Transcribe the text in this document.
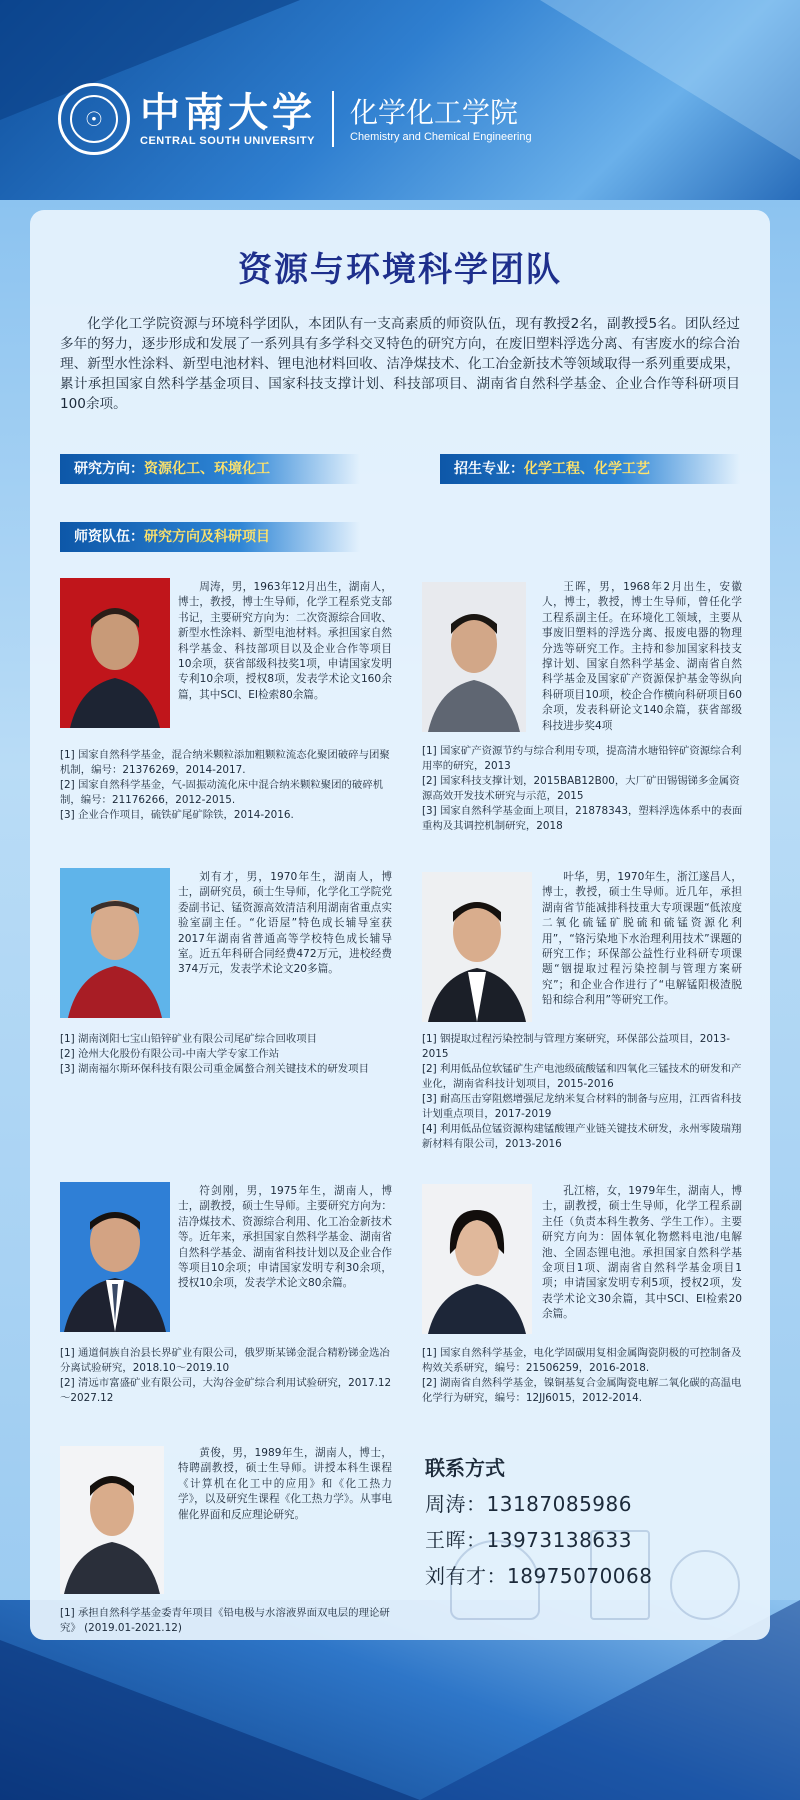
☉ 中南大学
CENTRAL SOUTH UNIVERSITY
化学化工学院
Chemistry and Chemical Engineering
资源与环境科学团队
化学化工学院资源与环境科学团队，本团队有一支高素质的师资队伍，现有教授2名，副教授5名。团队经过多年的努力，逐步形成和发展了一系列具有多学科交叉特色的研究方向，在废旧塑料浮选分离、有害废水的综合治理、新型水性涂料、新型电池材料、锂电池材料回收、洁净煤技术、化工冶金新技术等领域取得一系列重要成果，累计承担国家自然科学基金项目、国家科技支撑计划、科技部项目、湖南省自然科学基金、企业合作等科研项目100余项。
研究方向：资源化工、环境化工	招生专业：化学工程、化学工艺
师资队伍：研究方向及科研项目
周涛，男，1963年12月出生，湖南人，博士，教授，博士生导师，化学工程系党支部书记，主要研究方向为：二次资源综合回收、新型水性涂料、新型电池材料。承担国家自然科学基金、科技部项目以及企业合作等项目10余项，获省部级科技奖1项，申请国家发明专利10余项，授权8项，发表学术论文160余篇，其中SCI、EI检索80余篇。
[1] 国家自然科学基金，混合纳米颗粒添加粗颗粒流态化聚团破碎与团聚机制，编号：21376269，2014-2017.
[2] 国家自然科学基金，气-固振动流化床中混合纳米颗粒聚团的破碎机制，编号：21176266，2012-2015.
[3] 企业合作项目，硫铁矿尾矿除铁，2014-2016.
王晖，男，1968年2月出生，安徽人，博士，教授，博士生导师，曾任化学工程系副主任。在环境化工领域，主要从事废旧塑料的浮选分离、报废电器的物理分选等研究工作。主持和参加国家科技支撑计划、国家自然科学基金、湖南省自然科学基金及国家矿产资源保护基金等纵向科研项目10项，校企合作横向科研项目60余项，发表科研论文140余篇，获省部级科技进步奖4项
[1] 国家矿产资源节约与综合利用专项，提高清水塘铅锌矿资源综合利用率的研究，2013
[2] 国家科技支撑计划，2015BAB12B00，大厂矿田锡锡锑多金属资源高效开发技术研究与示范，2015
[3] 国家自然科学基金面上项目，21878343，塑料浮选体系中的表面重构及其调控机制研究，2018
刘有才，男，1970年生，湖南人，博士，副研究员，硕士生导师，化学化工学院党委副书记、锰资源高效清洁利用湖南省重点实验室副主任。“化语屋”特色成长辅导室获2017年湖南省普通高等学校特色成长辅导室。近五年科研合同经费472万元，进校经费374万元，发表学术论文20多篇。
[1] 湖南浏阳七宝山铅锌矿业有限公司尾矿综合回收项目
[2] 沧州大化股份有限公司-中南大学专家工作站
[3] 湖南福尔斯环保科技有限公司重金属螯合剂关键技术的研发项目
叶华，男，1970年生，浙江遂昌人，博士，教授，硕士生导师。近几年，承担湖南省节能减排科技重大专项课题“低浓度二氧化硫锰矿脱硫和硫锰资源化利用”，“铬污染地下水治理利用技术”课题的研究工作；环保部公益性行业科研专项课题“铟提取过程污染控制与管理方案研究”；和企业合作进行了“电解锰阳极渣脱铅和综合利用”等研究工作。
[1] 铟提取过程污染控制与管理方案研究，环保部公益项目，2013-2015
[2] 利用低品位软锰矿生产电池级硫酸锰和四氧化三锰技术的研发和产业化，湖南省科技计划项目，2015-2016
[3] 耐高压击穿阻燃增强尼龙纳米复合材料的制备与应用，江西省科技计划重点项目，2017-2019
[4] 利用低品位锰资源构建锰酸锂产业链关键技术研发，永州零陵瑞翔新材料有限公司，2013-2016
符剑刚，男，1975年生，湖南人，博士，副教授，硕士生导师。主要研究方向为：洁净煤技术、资源综合利用、化工冶金新技术等。近年来，承担国家自然科学基金、湖南省自然科学基金、湖南省科技计划以及企业合作等项目10余项；申请国家发明专利30余项，授权10余项，发表学术论文80余篇。
[1] 通道侗族自治县长界矿业有限公司，俄罗斯某锑金混合精粉锑金选冶分离试验研究，2018.10～2019.10
[2] 清远市富盛矿业有限公司，大沟谷金矿综合利用试验研究，2017.12～2027.12
孔江榕，女，1979年生，湖南人，博士，副教授，硕士生导师，化学工程系副主任（负责本科生教务、学生工作）。主要研究方向为：固体氧化物燃料电池/电解池、全固态锂电池。承担国家自然科学基金项目1项、湖南省自然科学基金项目1项；申请国家发明专利5项，授权2项，发表学术论文30余篇，其中SCI、EI检索20余篇。
[1] 国家自然科学基金，电化学固碳用复相金属陶瓷阴极的可控制备及构效关系研究，编号：21506259，2016-2018.
[2] 湖南省自然科学基金，镍铜基复合金属陶瓷电解二氧化碳的高温电化学行为研究，编号：12JJ6015，2012-2014.
黄俊，男，1989年生，湖南人，博士，特聘副教授，硕士生导师。讲授本科生课程《计算机在化工中的应用》和《化工热力学》，以及研究生课程《化工热力学》。从事电催化界面和反应理论研究。
[1] 承担自然科学基金委青年项目《铅电极与水溶液界面双电层的理论研究》 (2019.01-2021.12)
联系方式
周涛：13187085986
王晖：13973138633
刘有才：18975070068
